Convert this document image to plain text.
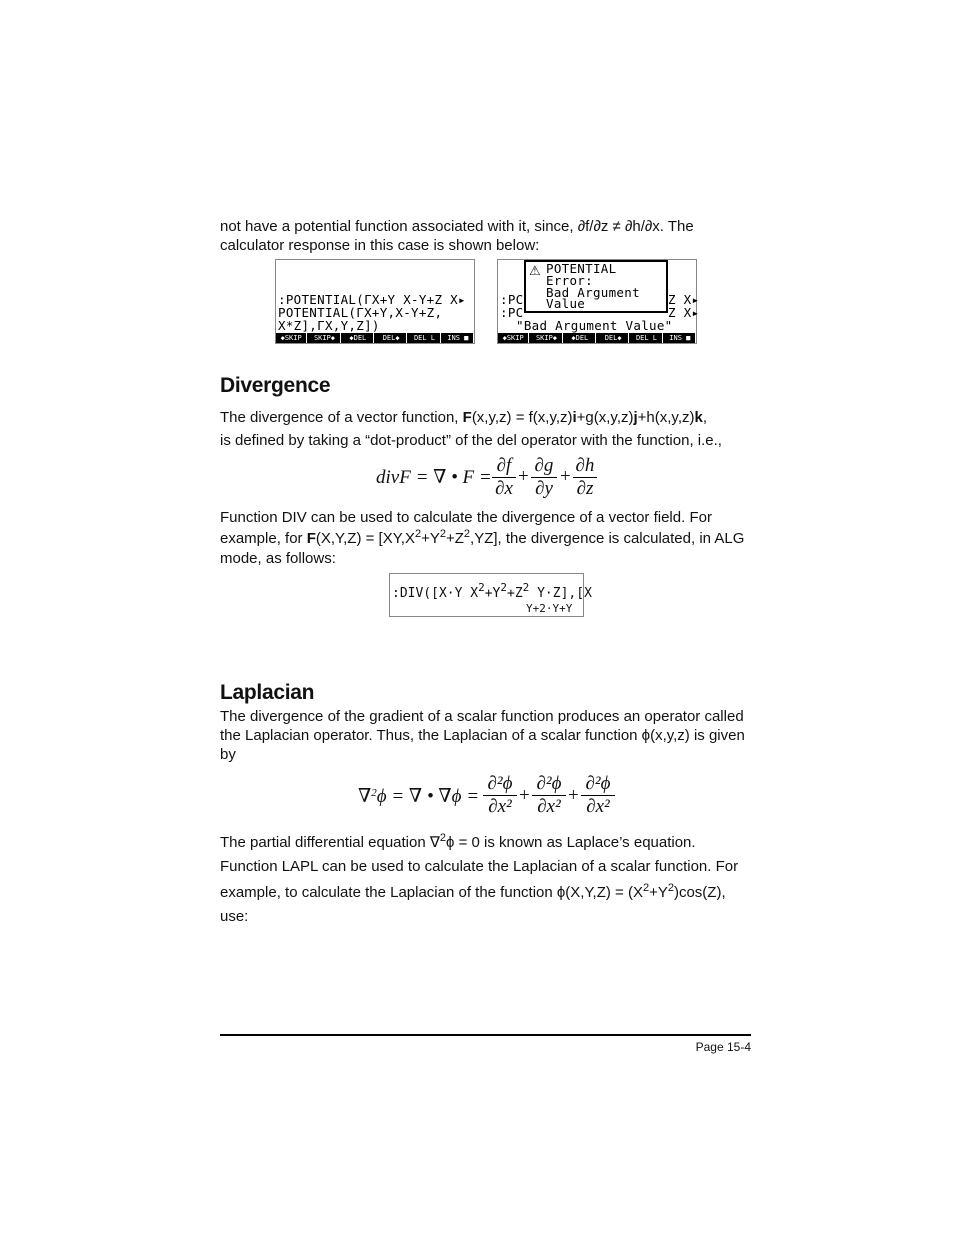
not have a potential function associated with it, since, ∂f/∂z ≠ ∂h/∂x. The
calculator response in this case is shown below:
:POTENTIAL(ΓX+Y X-Y+Z X▸
POTENTIAL(ΓX+Y,X-Y+Z,
X*Z],ΓX,Y,Z])
◆SKIP	SKIP◆	◆DEL	DEL◆	DEL L	INS ■
:PC
:PC
"Bad Argument Value"
Z X▸
Z X▸
⚠ POTENTIAL
Error:
Bad Argument
Value
◆SKIP	SKIP◆	◆DEL	DEL◆	DEL L	INS ■
Divergence
The divergence of a vector function, F(x,y,z) = f(x,y,z)i+g(x,y,z)j+h(x,y,z)k,
is defined by taking a “dot-product” of the del operator with the function, i.e.,
divF = ∇ • $F = \frac{\partial f}{\partial x} + \frac{\partial g}{\partial y} + \frac{\partial h}{\partial z}$
Function DIV can be used to calculate the divergence of a vector field. For
example, for $F(X,Y,Z) = [XY,X^2+Y^2+Z^2,YZ]$, the divergence is calculated, in ALG
mode, as follows:
:DIV([X·Y $X^2+Y^2+Z^2$ Y·Z],[X
Y+2·Y+Y
Laplacian
The divergence of the gradient of a scalar function produces an operator called
the Laplacian operator. Thus, the Laplacian of a scalar function ϕ(x,y,z) is given
by
∇$^2$ϕ = ∇ • $\nabla\phi = \frac{\text{∂²ϕ}}{\text{∂x²}} + \frac{\text{∂²ϕ}}{\text{∂x²}} + \frac{\text{∂²ϕ}}{\text{∂x²}}$
The partial differential equation ∇$^2$ϕ = 0 is known as Laplace’s equation.
Function LAPL can be used to calculate the Laplacian of a scalar function. For
example, to calculate the Laplacian of the function $\phi(X,Y,Z) = (X^2+Y^2)\cos(Z)$,
use:
Page 15-4
